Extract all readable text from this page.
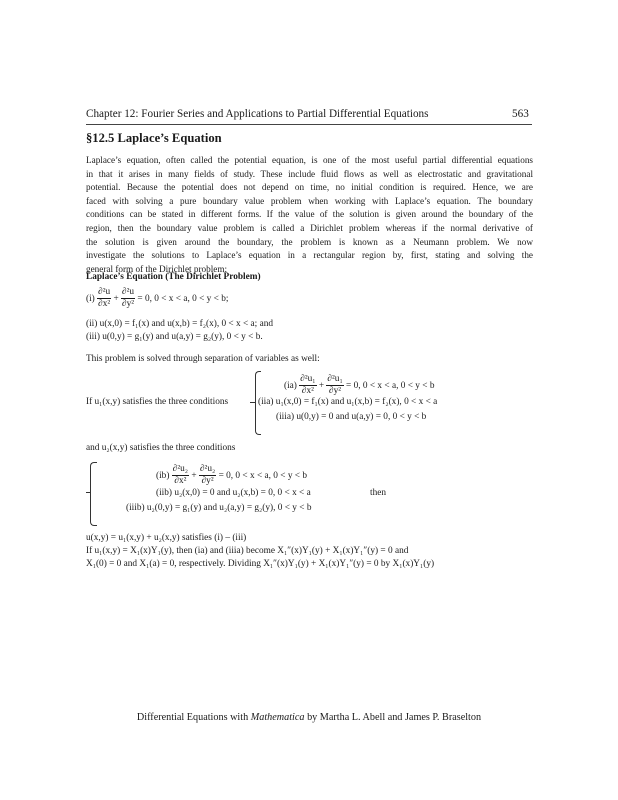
Chapter 12: Fourier Series and Applications to Partial Differential Equations	563
§12.5 Laplace’s Equation
Laplace’s equation, often called the potential equation, is one of the most useful partial differential equations
in that it arises in many fields of study. These include fluid flows as well as electrostatic and gravitational
potential. Because the potential does not depend on time, no initial condition is required. Hence, we are
faced with solving a pure boundary value problem when working with Laplace’s equation. The boundary
conditions can be stated in different forms. If the value of the solution is given around the boundary of the
region, then the boundary value problem is called a Dirichlet problem whereas if the normal derivative of
the solution is given around the boundary, the problem is known as a Neumann problem. We now
investigate the solutions to Laplace’s equation in a rectangular region by, first, stating and solving the
general form of the Dirichlet problem:
Laplace’s Equation (The Dirichlet Problem)
$(i) \frac{\text{∂²u}}{\text{∂x²}} + \frac{\text{∂²u}}{\text{∂y²}} = 0$, 0 < x < a, 0 < y < b;
(ii) u(x,0) = f₁(x) and u(x,b) = f₂(x), 0 < x < a; and
(iii) u(0,y) = g₁(y) and u(a,y) = g₂(y), 0 < y < b.
This problem is solved through separation of variables as well:
If u₁(x,y) satisfies the three conditions
$(ia) \frac{\text{∂²u₁}}{\text{∂x²}} + \frac{\text{∂²u₁}}{\text{∂y²}} = 0$, 0 < x < a, 0 < y < b
(iia) u₁(x,0) = f₁(x) and u₁(x,b) = f₂(x), 0 < x < a
(iiia) u(0,y) = 0 and u(a,y) = 0, 0 < y < b
and u₂(x,y) satisfies the three conditions
$(ib) \frac{\text{∂²u₂}}{\text{∂x²}} + \frac{\text{∂²u₂}}{\text{∂y²}} = 0$, 0 < x < a, 0 < y < b
(iib) u₂(x,0) = 0 and u₂(x,b) = 0, 0 < x < a	then
(iiib) u₂(0,y) = g₁(y) and u₂(a,y) = g₂(y), 0 < y < b
u(x,y) = u₁(x,y) + u₂(x,y) satisfies (i) – (iii)
If u₁(x,y) = X₁(x)Y₁(y), then (ia) and (iiia) become X₁″(x)Y₁(y) + X₁(x)Y₁″(y) = 0 and
X₁(0) = 0 and X₁(a) = 0, respectively. Dividing X₁″(x)Y₁(y) + X₁(x)Y₁″(y) = 0 by X₁(x)Y₁(y)
Differential Equations with Mathematica by Martha L. Abell and James P. Braselton
